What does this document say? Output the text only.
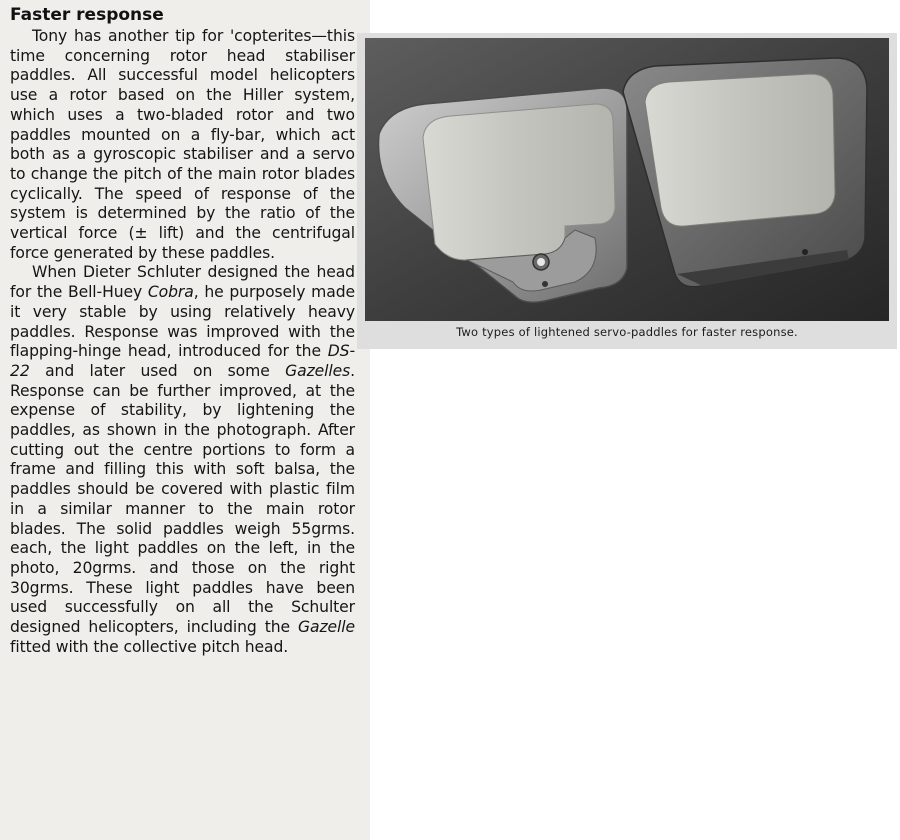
Faster response

Tony has another tip for 'copterites—this time concerning rotor head stabiliser paddles. All successful model helicopters use a rotor based on the Hiller system, which uses a two-bladed rotor and two paddles mounted on a fly-bar, which act both as a gyroscopic stabiliser and a servo to change the pitch of the main rotor blades cyclically. The speed of response of the system is determined by the ratio of the vertical force (± lift) and the centrifugal force generated by these paddles.

When Dieter Schluter designed the head for the Bell-Huey Cobra, he purposely made it very stable by using relatively heavy paddles. Response was improved with the flapping-hinge head, introduced for the DS-22 and later used on some Gazelles. Response can be further improved, at the expense of stability, by lightening the paddles, as shown in the photograph. After cutting out the centre portions to form a frame and filling this with soft balsa, the paddles should be covered with plastic film in a similar manner to the main rotor blades. The solid paddles weigh 55grms. each, the light paddles on the left, in the photo, 20grms. and those on the right 30grms. These light paddles have been used successfully on all the Schulter designed helicopters, including the Gazelle fitted with the collective pitch head.

Two types of lightened servo-paddles for faster response.
